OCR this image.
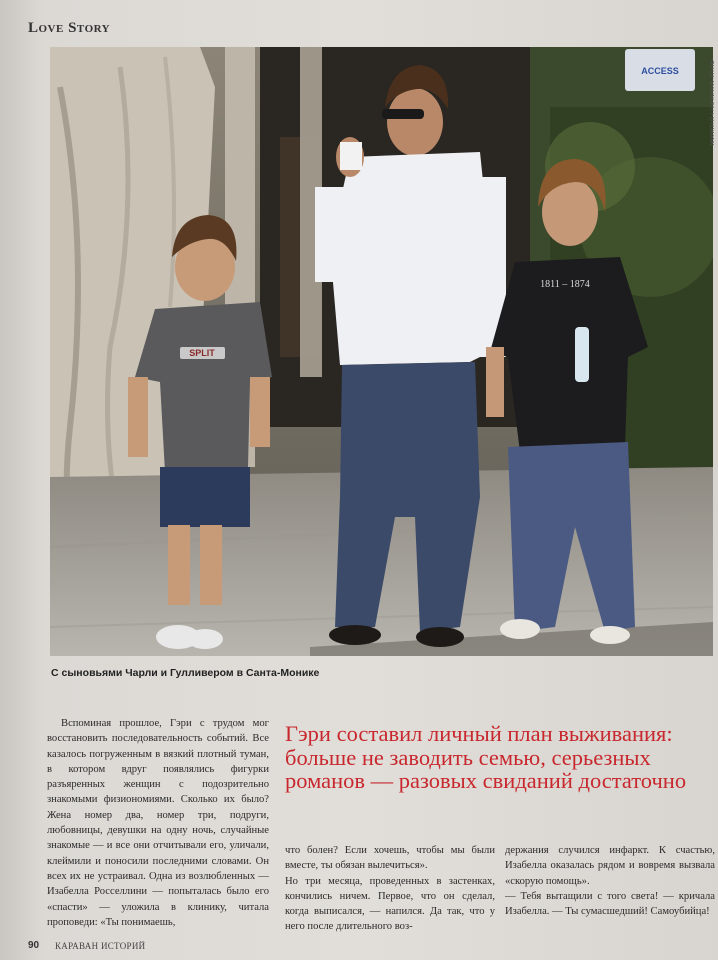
Love Story
ACCESS
SPLIT
1811 – 1874
ФОТО: MAGNUM / FOTOBANK
С сыновьями Чарли и Гулливером в Санта-Монике

Вспоминая прошлое, Гэри с трудом мог восстановить последовательность событий. Все казалось погруженным в вязкий плотный туман, в котором вдруг появлялись фигурки разъяренных женщин с подозрительно знакомыми физиономиями. Сколько их было? Жена номер два, номер три, подруги, любовницы, девушки на одну ночь, случайные знакомые — и все они отчитывали его, уличали, клеймили и поносили последними словами. Он всех их не устраивал. Одна из возлюбленных — Изабелла Росселлини — попыталась было его «спасти» — уложила в клинику, читала проповеди: «Ты понимаешь,

Гэри составил личный план выживания: больше не заводить семью, серьезных романов — разовых свиданий достаточно

что болен? Если хочешь, чтобы мы были вместе, ты обязан вылечиться».
Но три месяца, проведенных в застенках, кончились ничем. Первое, что он сделал, когда выписался, — напился. Да так, что у него после длительного воз-

держания случился инфаркт. К счастью, Изабелла оказалась рядом и вовремя вызвала «скорую помощь».
— Тебя вытащили с того света! — кричала Изабелла. — Ты сумасшедший! Самоубийца!

90 КАРАВАН ИСТОРИЙ
